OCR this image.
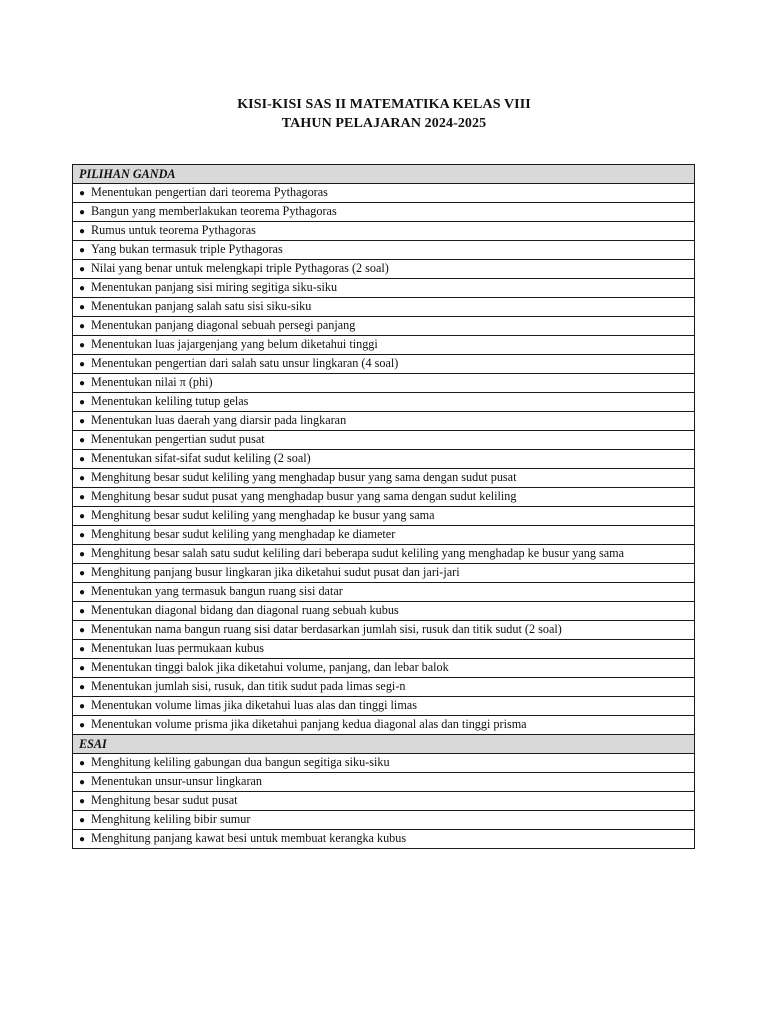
KISI-KISI SAS II MATEMATIKA KELAS VIII
TAHUN PELAJARAN 2024-2025
PILIHAN GANDA
● Menentukan pengertian dari teorema Pythagoras
● Bangun yang memberlakukan teorema Pythagoras
● Rumus untuk teorema Pythagoras
● Yang bukan termasuk triple Pythagoras
● Nilai yang benar untuk melengkapi triple Pythagoras (2 soal)
● Menentukan panjang sisi miring segitiga siku-siku
● Menentukan panjang salah satu sisi siku-siku
● Menentukan panjang diagonal sebuah persegi panjang
● Menentukan luas jajargenjang yang belum diketahui tinggi
● Menentukan pengertian dari salah satu unsur lingkaran (4 soal)
● Menentukan nilai π (phi)
● Menentukan keliling tutup gelas
● Menentukan luas daerah yang diarsir pada lingkaran
● Menentukan pengertian sudut pusat
● Menentukan sifat-sifat sudut keliling (2 soal)
● Menghitung besar sudut keliling yang menghadap busur yang sama dengan sudut pusat
● Menghitung besar sudut pusat yang menghadap busur yang sama dengan sudut keliling
● Menghitung besar sudut keliling yang menghadap ke busur yang sama
● Menghitung besar sudut keliling yang menghadap ke diameter
● Menghitung besar salah satu sudut keliling dari beberapa sudut keliling yang menghadap ke busur yang sama
● Menghitung panjang busur lingkaran jika diketahui sudut pusat dan jari-jari
● Menentukan yang termasuk bangun ruang sisi datar
● Menentukan diagonal bidang dan diagonal ruang sebuah kubus
● Menentukan nama bangun ruang sisi datar berdasarkan jumlah sisi, rusuk dan titik sudut (2 soal)
● Menentukan luas permukaan kubus
● Menentukan tinggi balok jika diketahui volume, panjang, dan lebar balok
● Menentukan jumlah sisi, rusuk, dan titik sudut pada limas segi-n
● Menentukan volume limas jika diketahui luas alas dan tinggi limas
● Menentukan volume prisma jika diketahui panjang kedua diagonal alas dan tinggi prisma
ESAI
● Menghitung keliling gabungan dua bangun segitiga siku-siku
● Menentukan unsur-unsur lingkaran
● Menghitung besar sudut pusat
● Menghitung keliling bibir sumur
● Menghitung panjang kawat besi untuk membuat kerangka kubus
